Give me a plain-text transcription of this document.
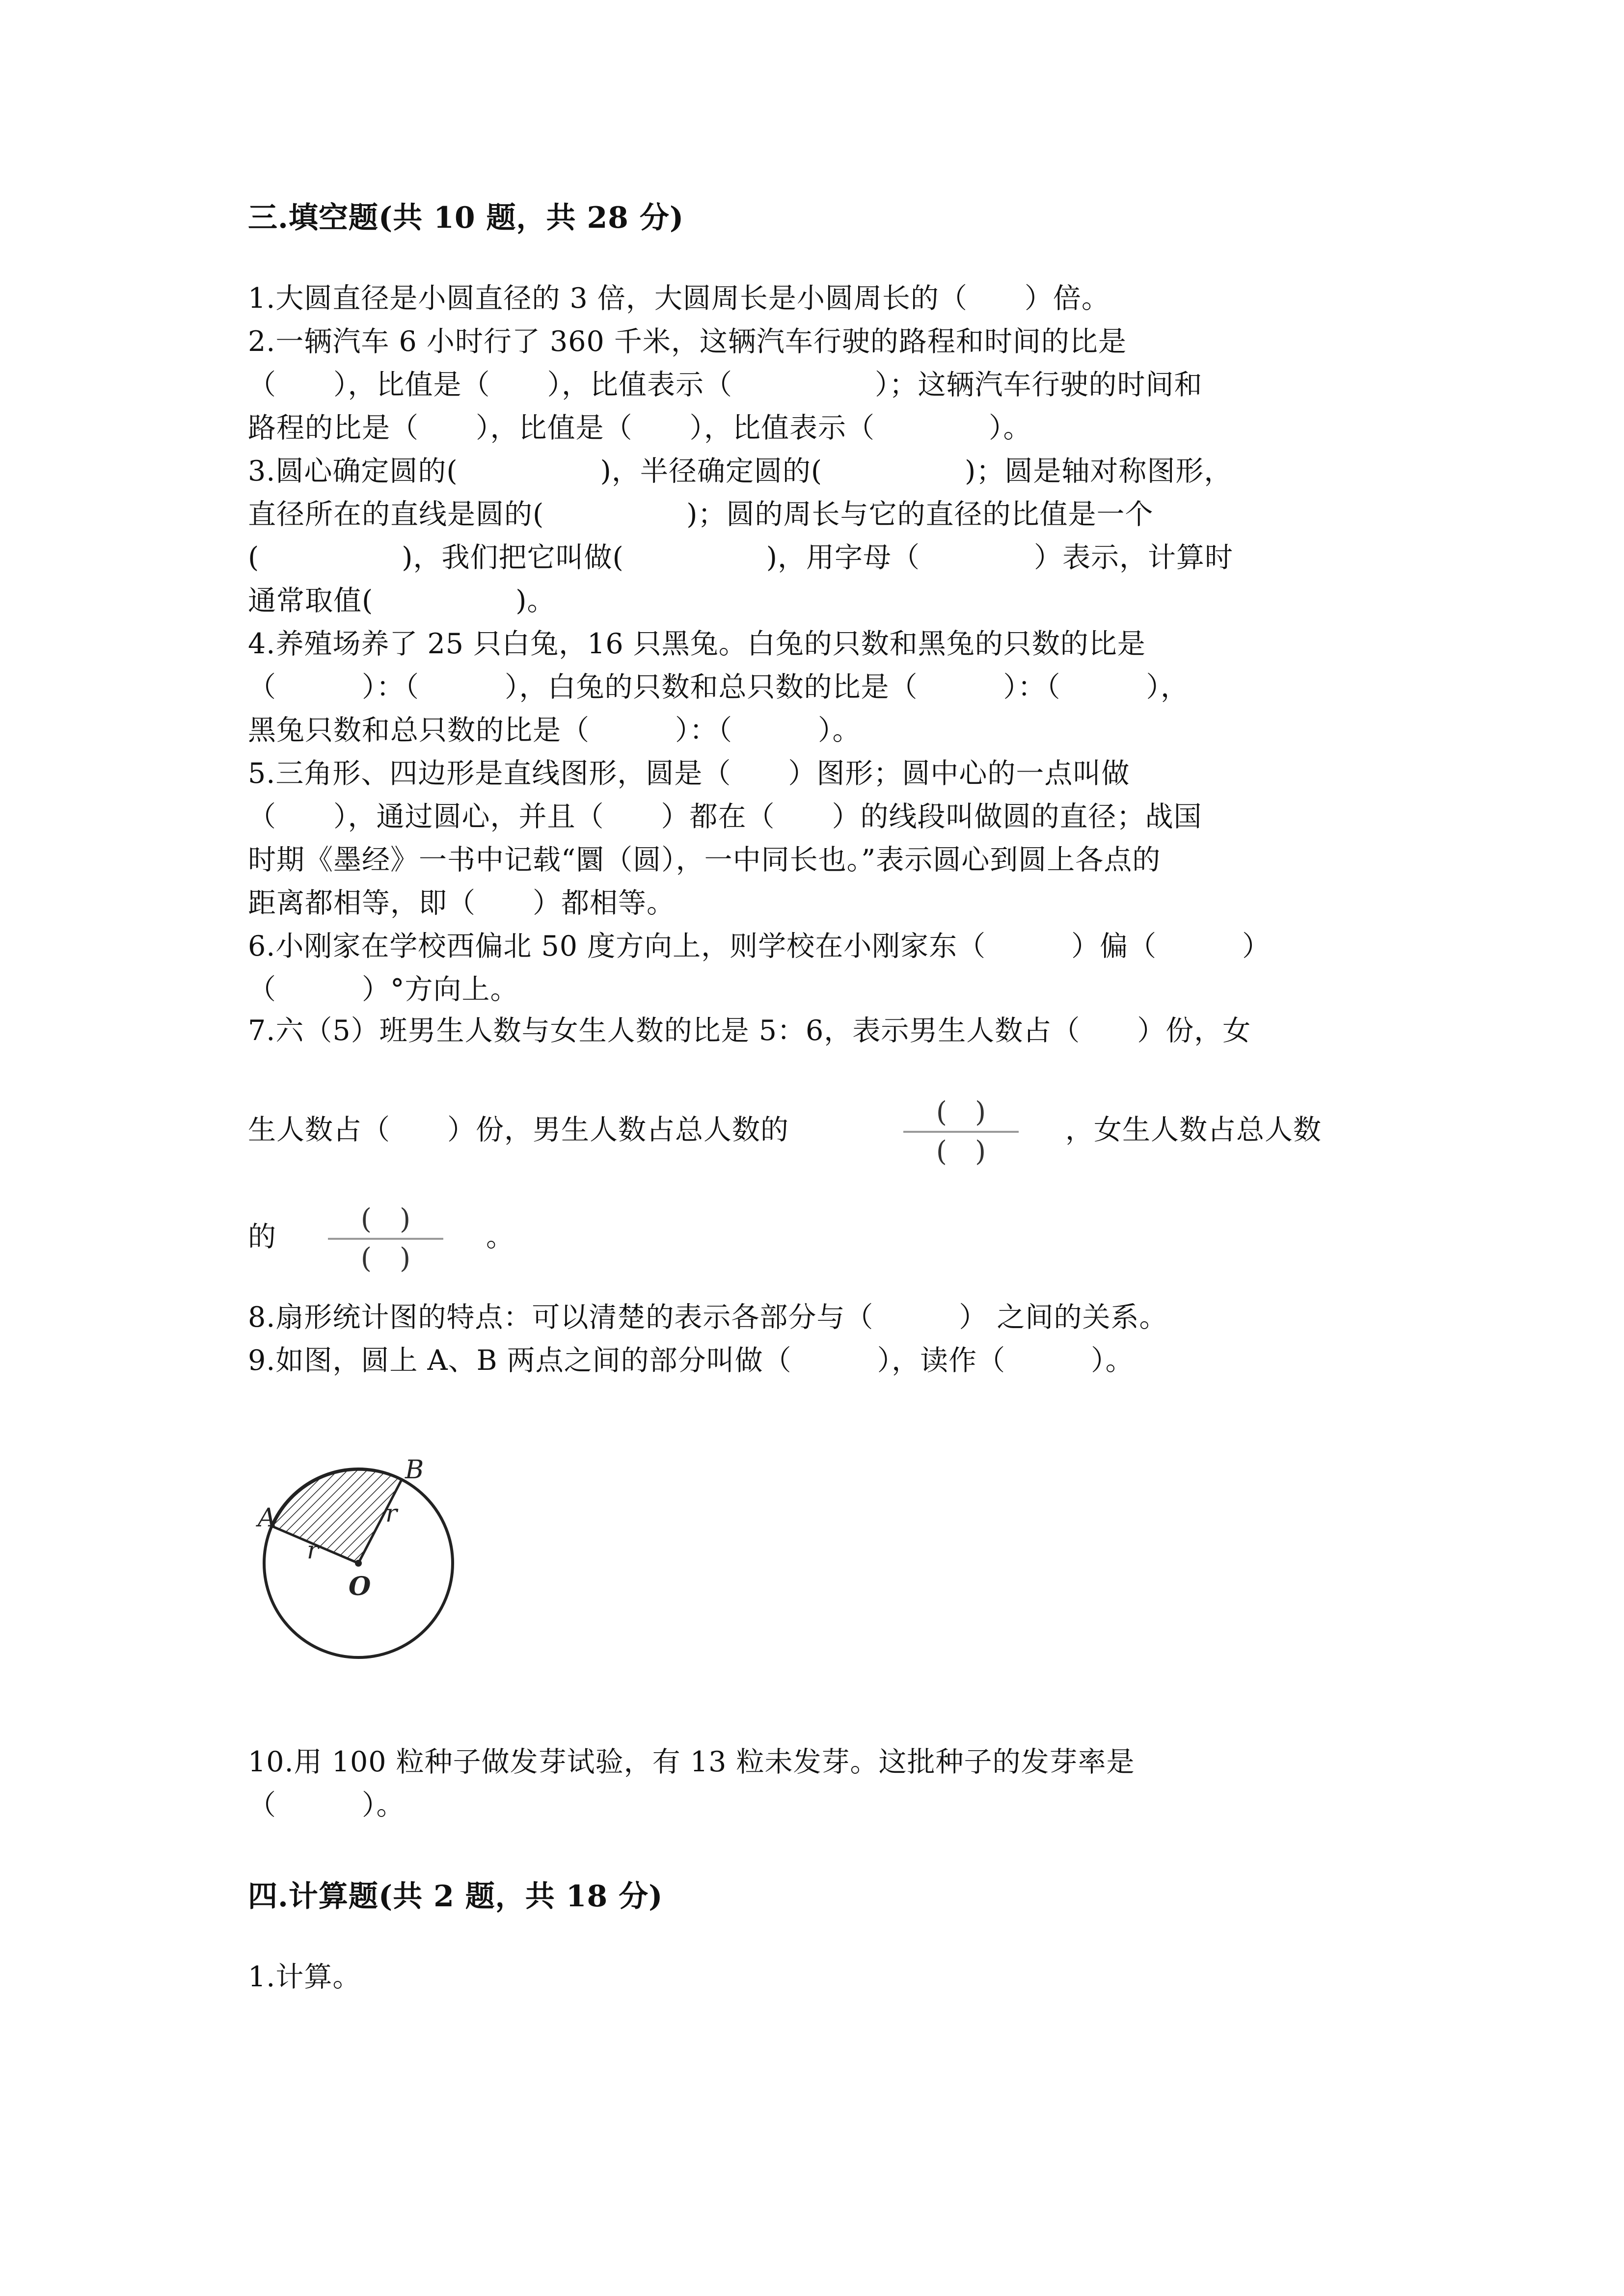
三.填空题(共 10 题，共 28 分)
1.大圆直径是小圆直径的 3 倍，大圆周长是小圆周长的（　　）倍。
2.一辆汽车 6 小时行了 360 千米，这辆汽车行驶的路程和时间的比是
（　　），比值是（　　），比值表示（　　　　　）；这辆汽车行驶的时间和
路程的比是（　　），比值是（　　），比值表示（　　　　）。
3.圆心确定圆的(　　　　　)，半径确定圆的(　　　　　)；圆是轴对称图形，
直径所在的直线是圆的(　　　　　)；圆的周长与它的直径的比值是一个
(　　　　　)，我们把它叫做(　　　　　)，用字母（　　　　）表示，计算时
通常取值(　　　　　)。
4.养殖场养了 25 只白兔，16 只黑兔。白兔的只数和黑兔的只数的比是
（　　　）：（　　　），白兔的只数和总只数的比是（　　　）：（　　　），
黑兔只数和总只数的比是（　　　）：（　　　）。
5.三角形、四边形是直线图形，圆是（　　）图形；圆中心的一点叫做
（　　），通过圆心，并且（　　）都在（　　）的线段叫做圆的直径；战国
时期《墨经》一书中记载“圜（圆），一中同长也。”表示圆心到圆上各点的
距离都相等，即（　　）都相等。
6.小刚家在学校西偏北 50 度方向上，则学校在小刚家东（　　　）偏（　　　）
（　　　）°方向上。
7.六（5）班男生人数与女生人数的比是 5：6，表示男生人数占（　　）份，女
生人数占（　　）份，男生人数占总人数的
(　)
(　)
，女生人数占总人数
的
(　)
(　)
。
8.扇形统计图的特点：可以清楚的表示各部分与（　　　） 之间的关系。
9.如图，圆上 A、B 两点之间的部分叫做（　　　），读作（　　　）。
A
B
O
r
r
10.用 100 粒种子做发芽试验，有 13 粒未发芽。这批种子的发芽率是
（　　　）。
四.计算题(共 2 题，共 18 分)
1.计算。
